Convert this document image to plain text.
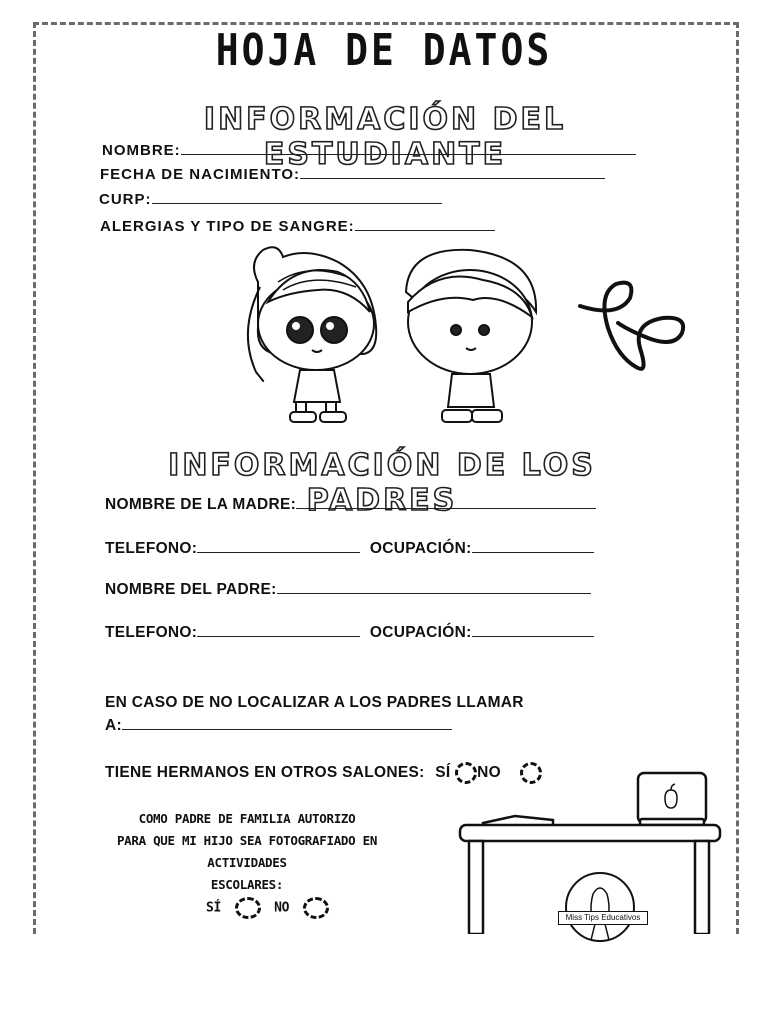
HOJA DE DATOS
INFORMACIÓN DEL ESTUDIANTE
NOMBRE:
FECHA DE NACIMIENTO:
CURP:
ALERGIAS Y TIPO DE SANGRE:
INFORMACIÓN DE LOS PADRES
NOMBRE DE LA MADRE:
TELEFONO:	OCUPACIÓN:
NOMBRE DEL PADRE:
TELEFONO:	OCUPACIÓN:
EN CASO DE NO LOCALIZAR A LOS PADRES LLAMAR
A:
TIENE HERMANOS EN OTROS SALONES: SÍ NO
COMO PADRE DE FAMILIA AUTORIZO
PARA QUE MI HIJO SEA FOTOGRAFIADO EN ACTIVIDADES
ESCOLARES:
SÍ	NO
Miss Tips Educativos
